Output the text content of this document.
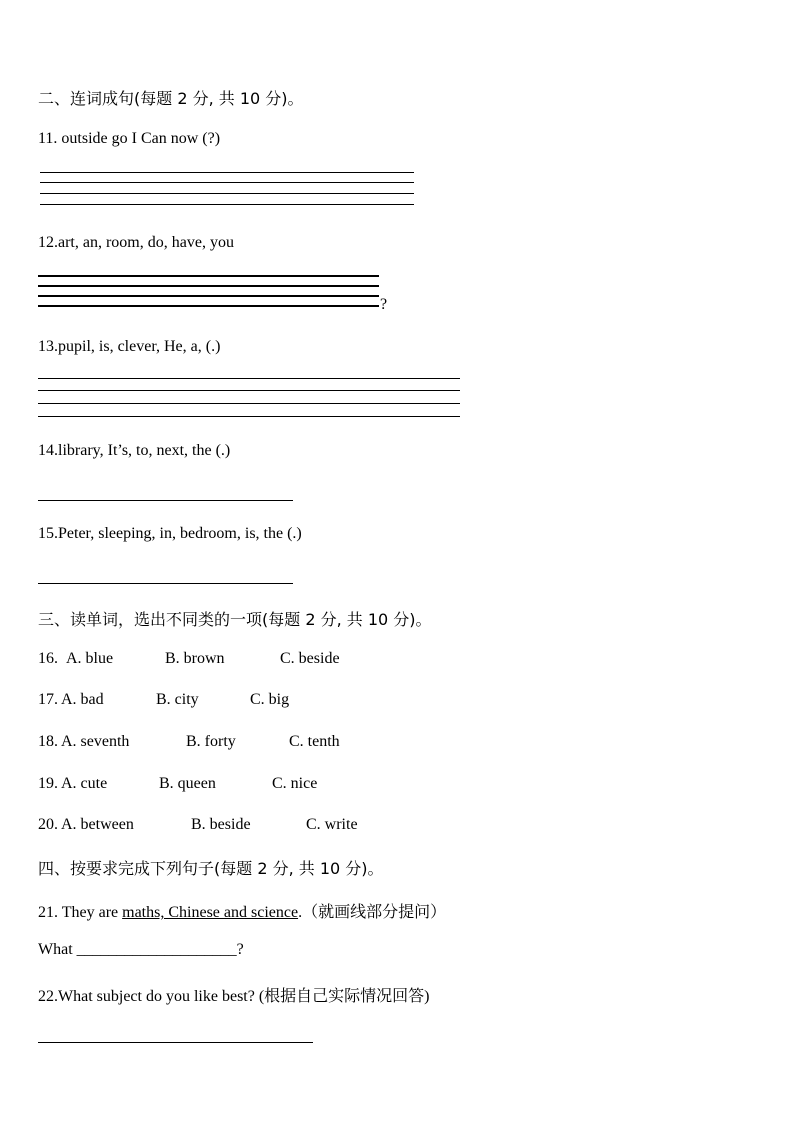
二、连词成句(每题 2 分, 共 10 分)。
11. outside go I Can now (?)
12.art, an, room, do, have, you
?
13.pupil, is, clever, He, a, (.)
14.library, It’s, to, next, the (.)
15.Peter, sleeping, in, bedroom, is, the (.)
三、读单词，选出不同类的一项(每题 2 分, 共 10 分)。
16. A. blue	B. brown	C. beside
17. A. bad	B. city	C. big
18. A. seventh	B. forty	C. tenth
19. A. cute	B. queen	C. nice
20. A. between	B. beside	C. write
四、按要求完成下列句子(每题 2 分, 共 10 分)。
21. They are maths, Chinese and science.（就画线部分提问）
What ____________________?
22.What subject do you like best? (根据自己实际情况回答)
